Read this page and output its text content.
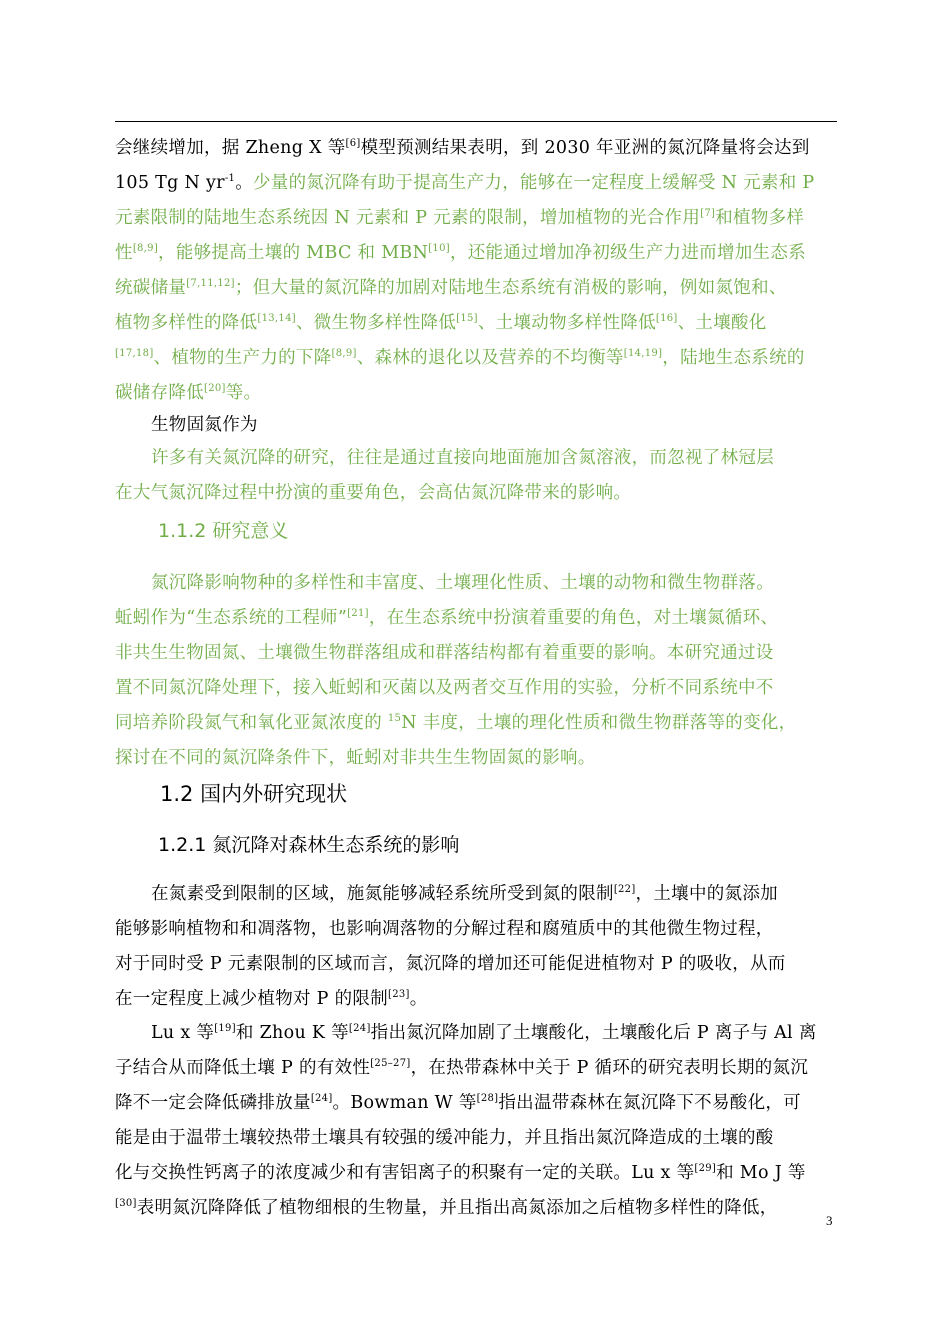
会继续增加，据 Zheng X 等[6]模型预测结果表明，到 2030 年亚洲的氮沉降量将会达到
105 Tg N $yr^{-1}$。少量的氮沉降有助于提高生产力，能够在一定程度上缓解受 N 元素和 P
元素限制的陆地生态系统因 N 元素和 P 元素的限制，增加植物的光合作用[7]和植物多样
性[8,9]，能够提高土壤的 MBC 和 MBN[10]，还能通过增加净初级生产力进而增加生态系
统碳储量[7,11,12]；但大量的氮沉降的加剧对陆地生态系统有消极的影响，例如氮饱和、
植物多样性的降低[13,14]、微生物多样性降低[15]、土壤动物多样性降低[16]、土壤酸化
[17,18]、植物的生产力的下降[8,9]、森林的退化以及营养的不均衡等[14,19]，陆地生态系统的
碳储存降低[20]等。
生物固氮作为
许多有关氮沉降的研究，往往是通过直接向地面施加含氮溶液，而忽视了林冠层
在大气氮沉降过程中扮演的重要角色，会高估氮沉降带来的影响。
1.1.2 研究意义
氮沉降影响物种的多样性和丰富度、土壤理化性质、土壤的动物和微生物群落。
蚯蚓作为“生态系统的工程师”[21]，在生态系统中扮演着重要的角色，对土壤氮循环、
非共生生物固氮、土壤微生物群落组成和群落结构都有着重要的影响。本研究通过设
置不同氮沉降处理下，接入蚯蚓和灭菌以及两者交互作用的实验，分析不同系统中不
同培养阶段氮气和氧化亚氮浓度的 $^{15}$N 丰度，土壤的理化性质和微生物群落等的变化，
探讨在不同的氮沉降条件下，蚯蚓对非共生生物固氮的影响。
1.2 国内外研究现状
1.2.1 氮沉降对森林生态系统的影响
在氮素受到限制的区域，施氮能够减轻系统所受到氮的限制[22]，土壤中的氮添加
能够影响植物和和凋落物，也影响凋落物的分解过程和腐殖质中的其他微生物过程，
对于同时受 P 元素限制的区域而言，氮沉降的增加还可能促进植物对 P 的吸收，从而
在一定程度上减少植物对 P 的限制[23]。
Lu x 等[19]和 Zhou K 等[24]指出氮沉降加剧了土壤酸化，土壤酸化后 P 离子与 Al 离
子结合从而降低土壤 P 的有效性[25–27]，在热带森林中关于 P 循环的研究表明长期的氮沉
降不一定会降低磷排放量[24]。Bowman W 等[28]指出温带森林在氮沉降下不易酸化，可
能是由于温带土壤较热带土壤具有较强的缓冲能力，并且指出氮沉降造成的土壤的酸
化与交换性钙离子的浓度减少和有害铝离子的积聚有一定的关联。Lu x 等[29]和 Mo J 等
[30]表明氮沉降降低了植物细根的生物量，并且指出高氮添加之后植物多样性的降低，
3
